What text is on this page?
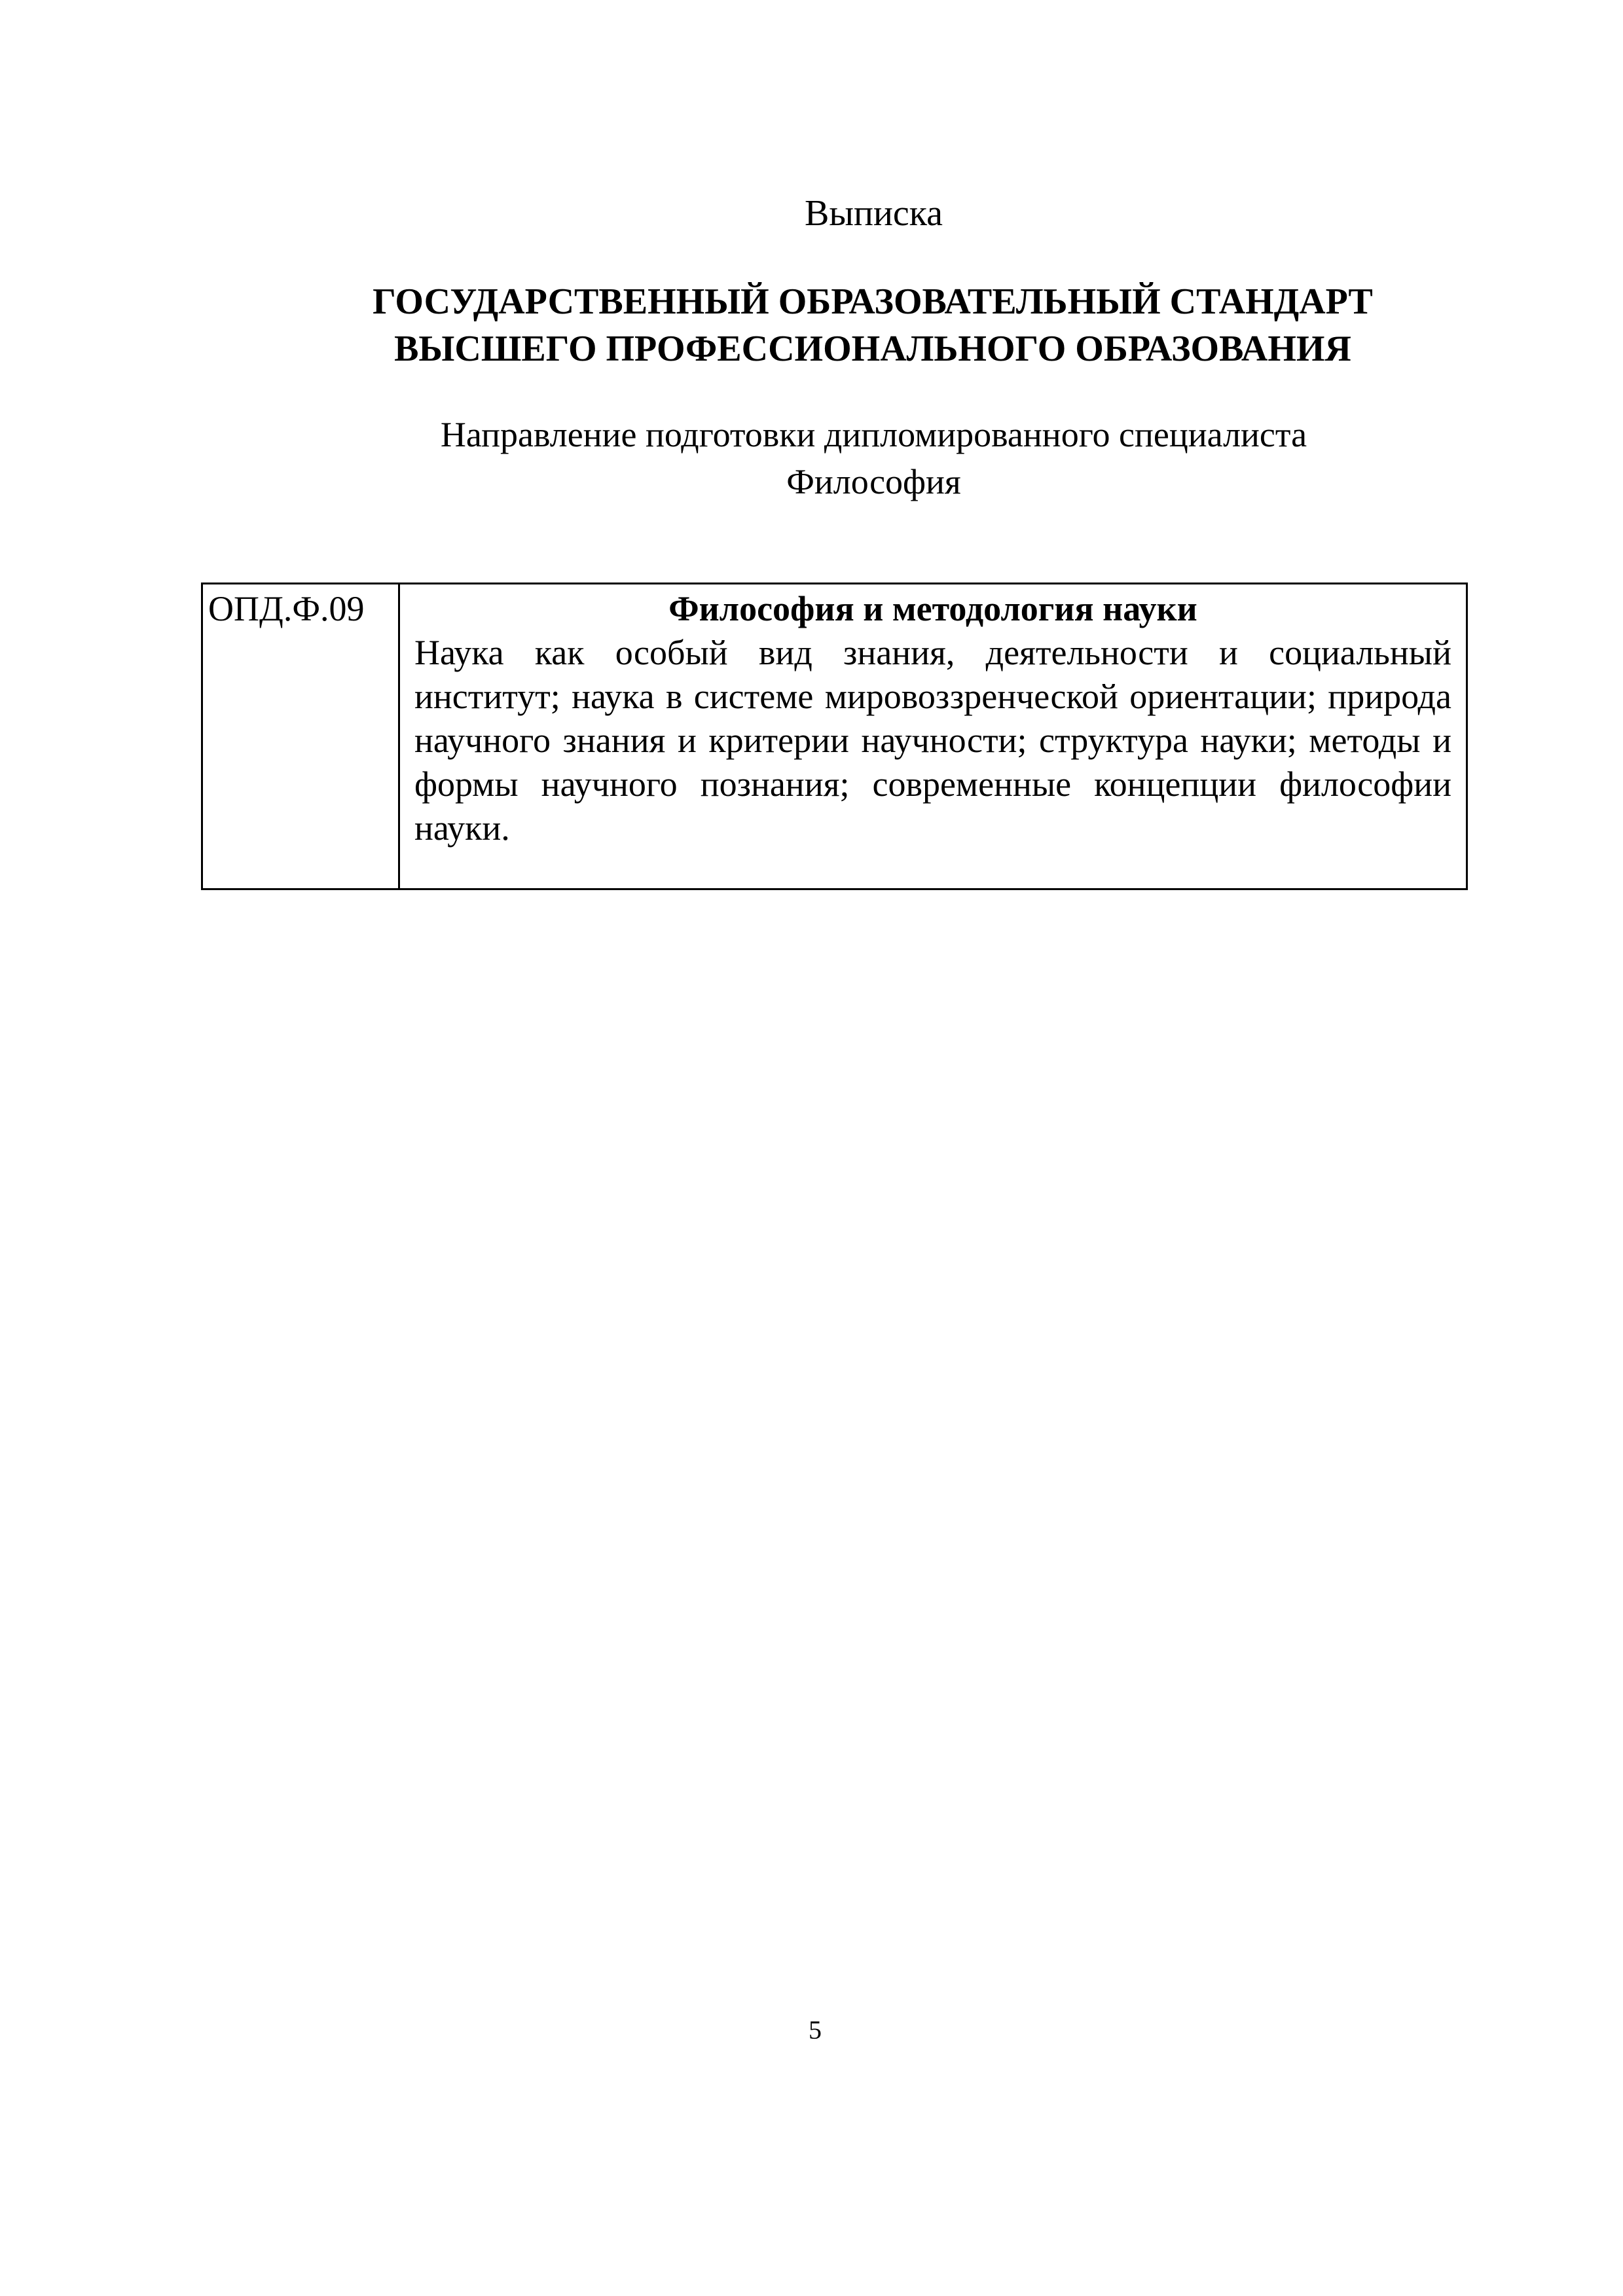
Выписка
ГОСУДАРСТВЕННЫЙ ОБРАЗОВАТЕЛЬНЫЙ СТАНДАРТ
ВЫСШЕГО ПРОФЕССИОНАЛЬНОГО ОБРАЗОВАНИЯ
Направление подготовки дипломированного специалиста
Философия
ОПД.Ф.09	Философия и методология науки
Наука как особый вид знания, деятельности и социальный институт; наука в системе мировоззренческой ориентации; природа научного знания и критерии научности; структура науки; методы и формы научного познания; современные концепции философии науки.
5
